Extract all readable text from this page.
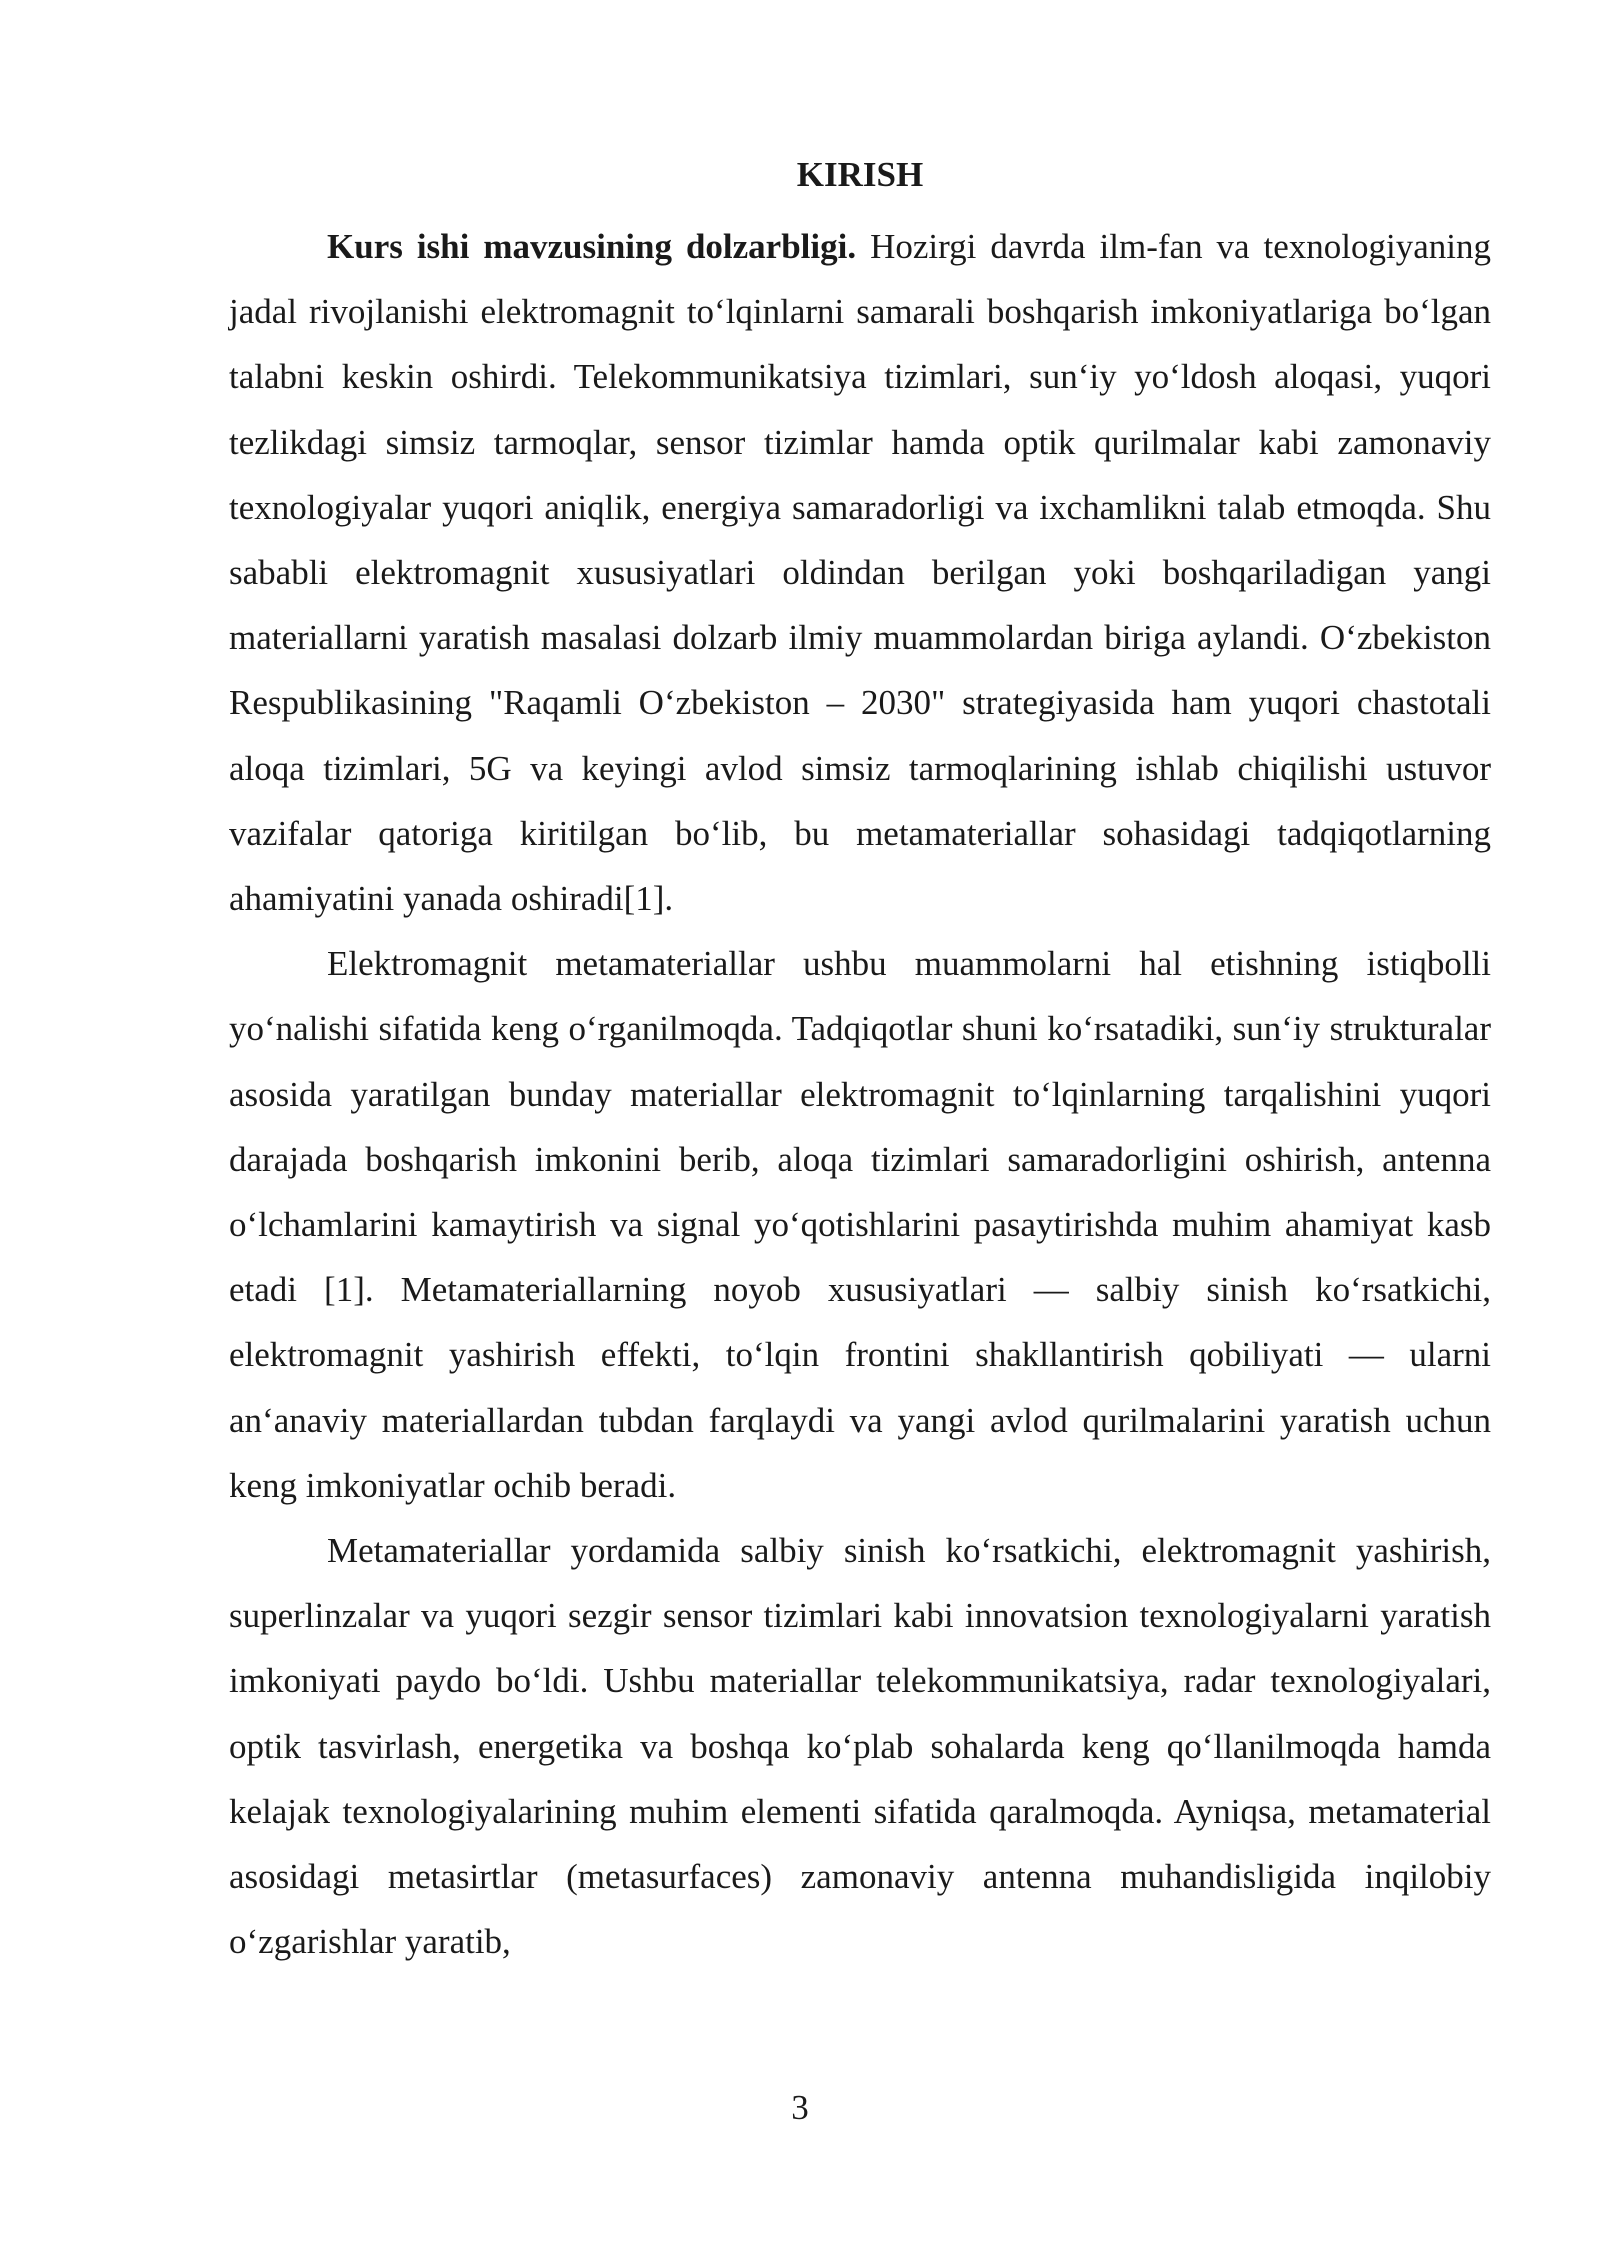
KIRISH

Kurs ishi mavzusining dolzarbligi. Hozirgi davrda ilm-fan va texnologiyaning jadal rivojlanishi elektromagnit to‘lqinlarni samarali boshqarish imkoniyatlariga bo‘lgan talabni keskin oshirdi. Telekommunikatsiya tizimlari, sun‘iy yo‘ldosh aloqasi, yuqori tezlikdagi simsiz tarmoqlar, sensor tizimlar hamda optik qurilmalar kabi zamonaviy texnologiyalar yuqori aniqlik, energiya samaradorligi va ixchamlikni talab etmoqda. Shu sababli elektromagnit xususiyatlari oldindan berilgan yoki boshqariladigan yangi materiallarni yaratish masalasi dolzarb ilmiy muammolardan biriga aylandi. O‘zbekiston Respublikasining "Raqamli O‘zbekiston – 2030" strategiyasida ham yuqori chastotali aloqa tizimlari, 5G va keyingi avlod simsiz tarmoqlarining ishlab chiqilishi ustuvor vazifalar qatoriga kiritilgan bo‘lib, bu metamateriallar sohasidagi tadqiqotlarning ahamiyatini yanada oshiradi[1].

Elektromagnit metamateriallar ushbu muammolarni hal etishning istiqbolli yo‘nalishi sifatida keng o‘rganilmoqda. Tadqiqotlar shuni ko‘rsatadiki, sun‘iy strukturalar asosida yaratilgan bunday materiallar elektromagnit to‘lqinlarning tarqalishini yuqori darajada boshqarish imkonini berib, aloqa tizimlari samaradorligini oshirish, antenna o‘lchamlarini kamaytirish va signal yo‘qotishlarini pasaytirishda muhim ahamiyat kasb etadi [1]. Metamateriallarning noyob xususiyatlari — salbiy sinish ko‘rsatkichi, elektromagnit yashirish effekti, to‘lqin frontini shakllantirish qobiliyati — ularni an‘anaviy materiallardan tubdan farqlaydi va yangi avlod qurilmalarini yaratish uchun keng imkoniyatlar ochib beradi.

Metamateriallar yordamida salbiy sinish ko‘rsatkichi, elektromagnit yashirish, superlinzalar va yuqori sezgir sensor tizimlari kabi innovatsion texnologiyalarni yaratish imkoniyati paydo bo‘ldi. Ushbu materiallar telekommunikatsiya, radar texnologiyalari, optik tasvirlash, energetika va boshqa ko‘plab sohalarda keng qo‘llanilmoqda hamda kelajak texnologiyalarining muhim elementi sifatida qaralmoqda. Ayniqsa, metamaterial asosidagi metasirtlar (metasurfaces) zamonaviy antenna muhandisligida inqilobiy o‘zgarishlar yaratib,

3
